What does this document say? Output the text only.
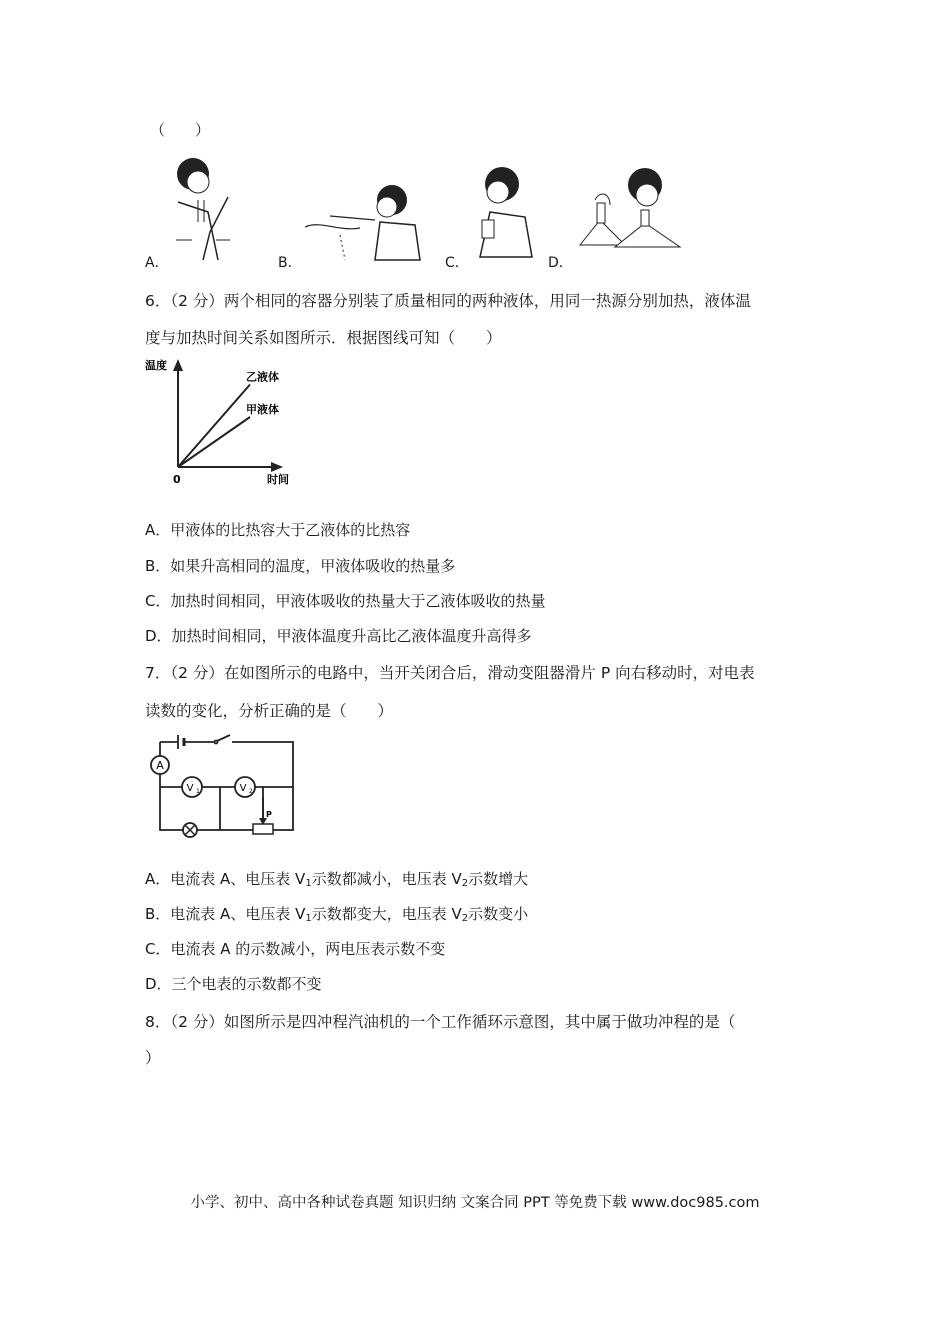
（　　）
A．	B．	C．	D．
6．（2 分）两个相同的容器分别装了质量相同的两种液体，用同一热源分别加热，液体温
度与加热时间关系如图所示．根据图线可知（　　）
温度
时间
0
乙液体
甲液体
A．甲液体的比热容大于乙液体的比热容
B．如果升高相同的温度，甲液体吸收的热量多
C．加热时间相同，甲液体吸收的热量大于乙液体吸收的热量
D．加热时间相同，甲液体温度升高比乙液体温度升高得多
7．（2 分）在如图所示的电路中，当开关闭合后，滑动变阻器滑片 P 向右移动时，对电表
读数的变化，分析正确的是（　　）
P
A
V 1	V 2
A．电流表 A、电压表 $V_1$示数都减小，电压表 $V_2$示数增大
B．电流表 A、电压表 $V_1$示数都变大，电压表 $V_2$示数变小
C．电流表 A 的示数减小，两电压表示数不变
D．三个电表的示数都不变
8．（2 分）如图所示是四冲程汽油机的一个工作循环示意图，其中属于做功冲程的是（
）
小学、初中、高中各种试卷真题 知识归纳 文案合同 PPT 等免费下载 www.doc985.com
